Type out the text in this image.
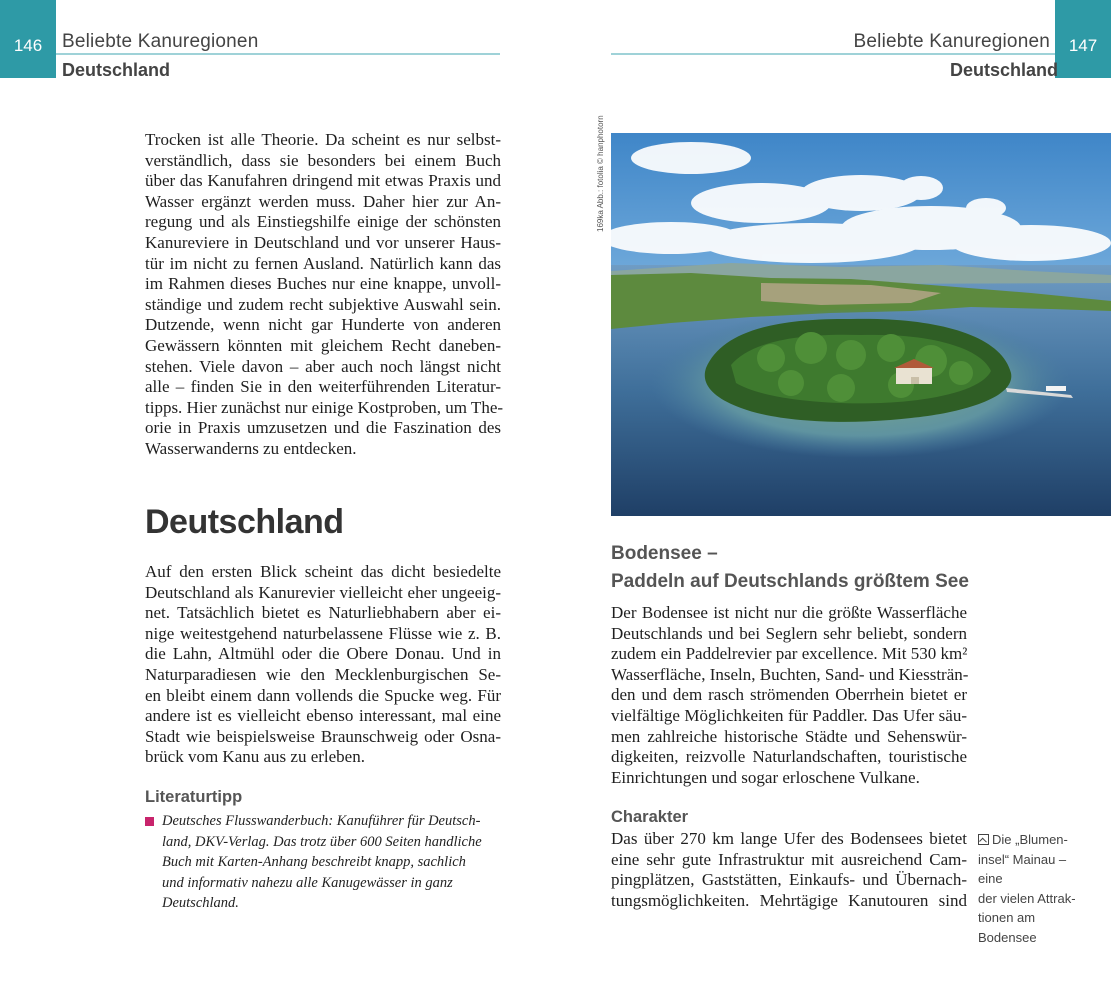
146	Beliebte Kanuregionen
Deutschland
147
Beliebte Kanuregionen
Deutschland
Trocken ist alle Theorie. Da scheint es nur selbst-
verständlich, dass sie besonders bei einem Buch
über das Kanufahren dringend mit etwas Praxis und
Wasser ergänzt werden muss. Daher hier zur An-
regung und als Einstiegshilfe einige der schönsten
Kanureviere in Deutschland und vor unserer Haus-
tür im nicht zu fernen Ausland. Natürlich kann das
im Rahmen dieses Buches nur eine knappe, unvoll-
ständige und zudem recht subjektive Auswahl sein.
Dutzende, wenn nicht gar Hunderte von anderen
Gewässern könnten mit gleichem Recht daneben-
stehen. Viele davon – aber auch noch längst nicht
alle – finden Sie in den weiterführenden Literatur-
tipps. Hier zunächst nur einige Kostproben, um The-
orie in Praxis umzusetzen und die Faszination des
Wasserwanderns zu entdecken.
Deutschland
Auf den ersten Blick scheint das dicht besiedelte
Deutschland als Kanurevier vielleicht eher ungeeig-
net. Tatsächlich bietet es Naturliebhabern aber ei-
nige weitestgehend naturbelassene Flüsse wie z. B.
die Lahn, Altmühl oder die Obere Donau. Und in
Naturparadiesen wie den Mecklenburgischen Se-
en bleibt einem dann vollends die Spucke weg. Für
andere ist es vielleicht ebenso interessant, mal eine
Stadt wie beispielsweise Braunschweig oder Osna-
brück vom Kanu aus zu erleben.
Literaturtipp
Deutsches Flusswanderbuch: Kanuführer für Deutsch-
land, DKV-Verlag. Das trotz über 600 Seiten handliche
Buch mit Karten-Anhang beschreibt knapp, sachlich
und informativ nahezu alle Kanugewässer in ganz
Deutschland.
169ka Abb.: fotolia © hanphotorn
Bodensee –
Paddeln auf Deutschlands größtem See
Der Bodensee ist nicht nur die größte Wasserfläche
Deutschlands und bei Seglern sehr beliebt, sondern
zudem ein Paddelrevier par excellence. Mit 530 km²
Wasserfläche, Inseln, Buchten, Sand- und Kiessträn-
den und dem rasch strömenden Oberrhein bietet er
vielfältige Möglichkeiten für Paddler. Das Ufer säu-
men zahlreiche historische Städte und Sehenswür-
digkeiten, reizvolle Naturlandschaften, touristische
Einrichtungen und sogar erloschene Vulkane.
Charakter
Das über 270 km lange Ufer des Bodensees bietet
eine sehr gute Infrastruktur mit ausreichend Cam-
pingplätzen, Gaststätten, Einkaufs- und Übernach-
tungsmöglichkeiten. Mehrtägige Kanutouren sind
Die „Blumen-
insel“ Mainau – eine
der vielen Attrak-
tionen am Bodensee
